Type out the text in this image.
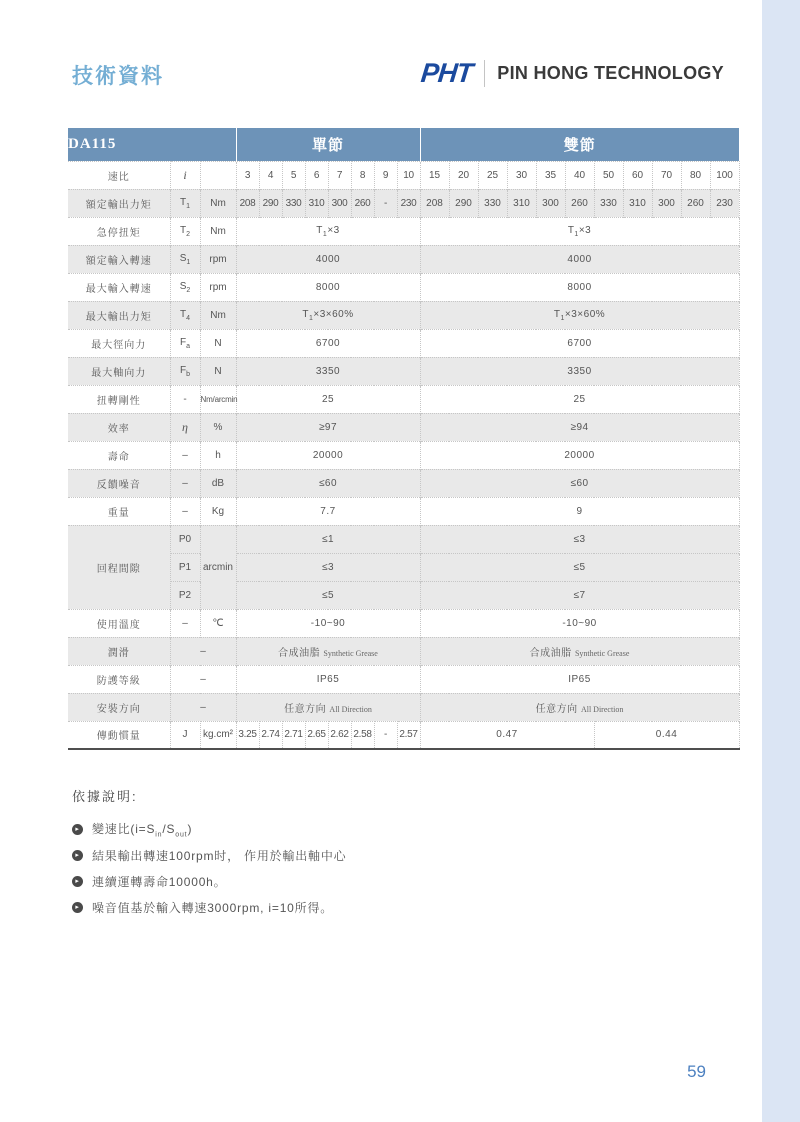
技術資料	PHT PIN HONG TECHNOLOGY
DA115			單節								雙節										
速比	i		3	4	5	6	7	8	9	10	15	20	25	30	35	40	50	60	70	80	100
額定輸出力矩	$T_1$	Nm	208	290	330	310	300	260	-	230	208	290	330	310	300	260	330	310	300	260	230
急停扭矩	$T_2$	Nm	$T_1\times 3$								$T_1\times 3$										
額定輸入轉速	$S_1$	rpm	4000								4000										
最大輸入轉速	$S_2$	rpm	8000								8000										
最大輸出力矩	$T_4$	Nm	$T_1\times 3\times 60\%$								$T_1\times 3\times 60\%$										
最大徑向力	$F_a$	N	6700								6700										
最大軸向力	$F_b$	N	3350								3350										
扭轉剛性	-	Nm/arcmin	25								25										
效率	η	%	≥97								≥94										
壽命	–	h	20000								20000										
反饋噪音	–	dB	≤60								≤60										
重量	–	Kg	7.7								9										
回程間隙	P0	arcmin	≤1								≤3										
	P1		≤3								≤5										
	P2		≤5								≤7										
使用溫度	–	℃	-10~90								-10~90										
潤滑	–		合成油脂 Synthetic Grease								合成油脂 Synthetic Grease										
防護等級	–		IP65								IP65										
安裝方向	–		任意方向 All Direction								任意方向 All Direction										
傳動慣量	J	kg.cm²	3.25	2.74	2.71	2.65	2.62	2.58	-	2.57	0.47						0.44				
依據說明:
▸ 變速比$(i=S_{in}/S_{out})$
▸ 結果輸出轉速100rpm时， 作用於輸出軸中心
▸ 連續運轉壽命10000h。
▸ 噪音值基於輸入轉速3000rpm, i=10所得。
59
